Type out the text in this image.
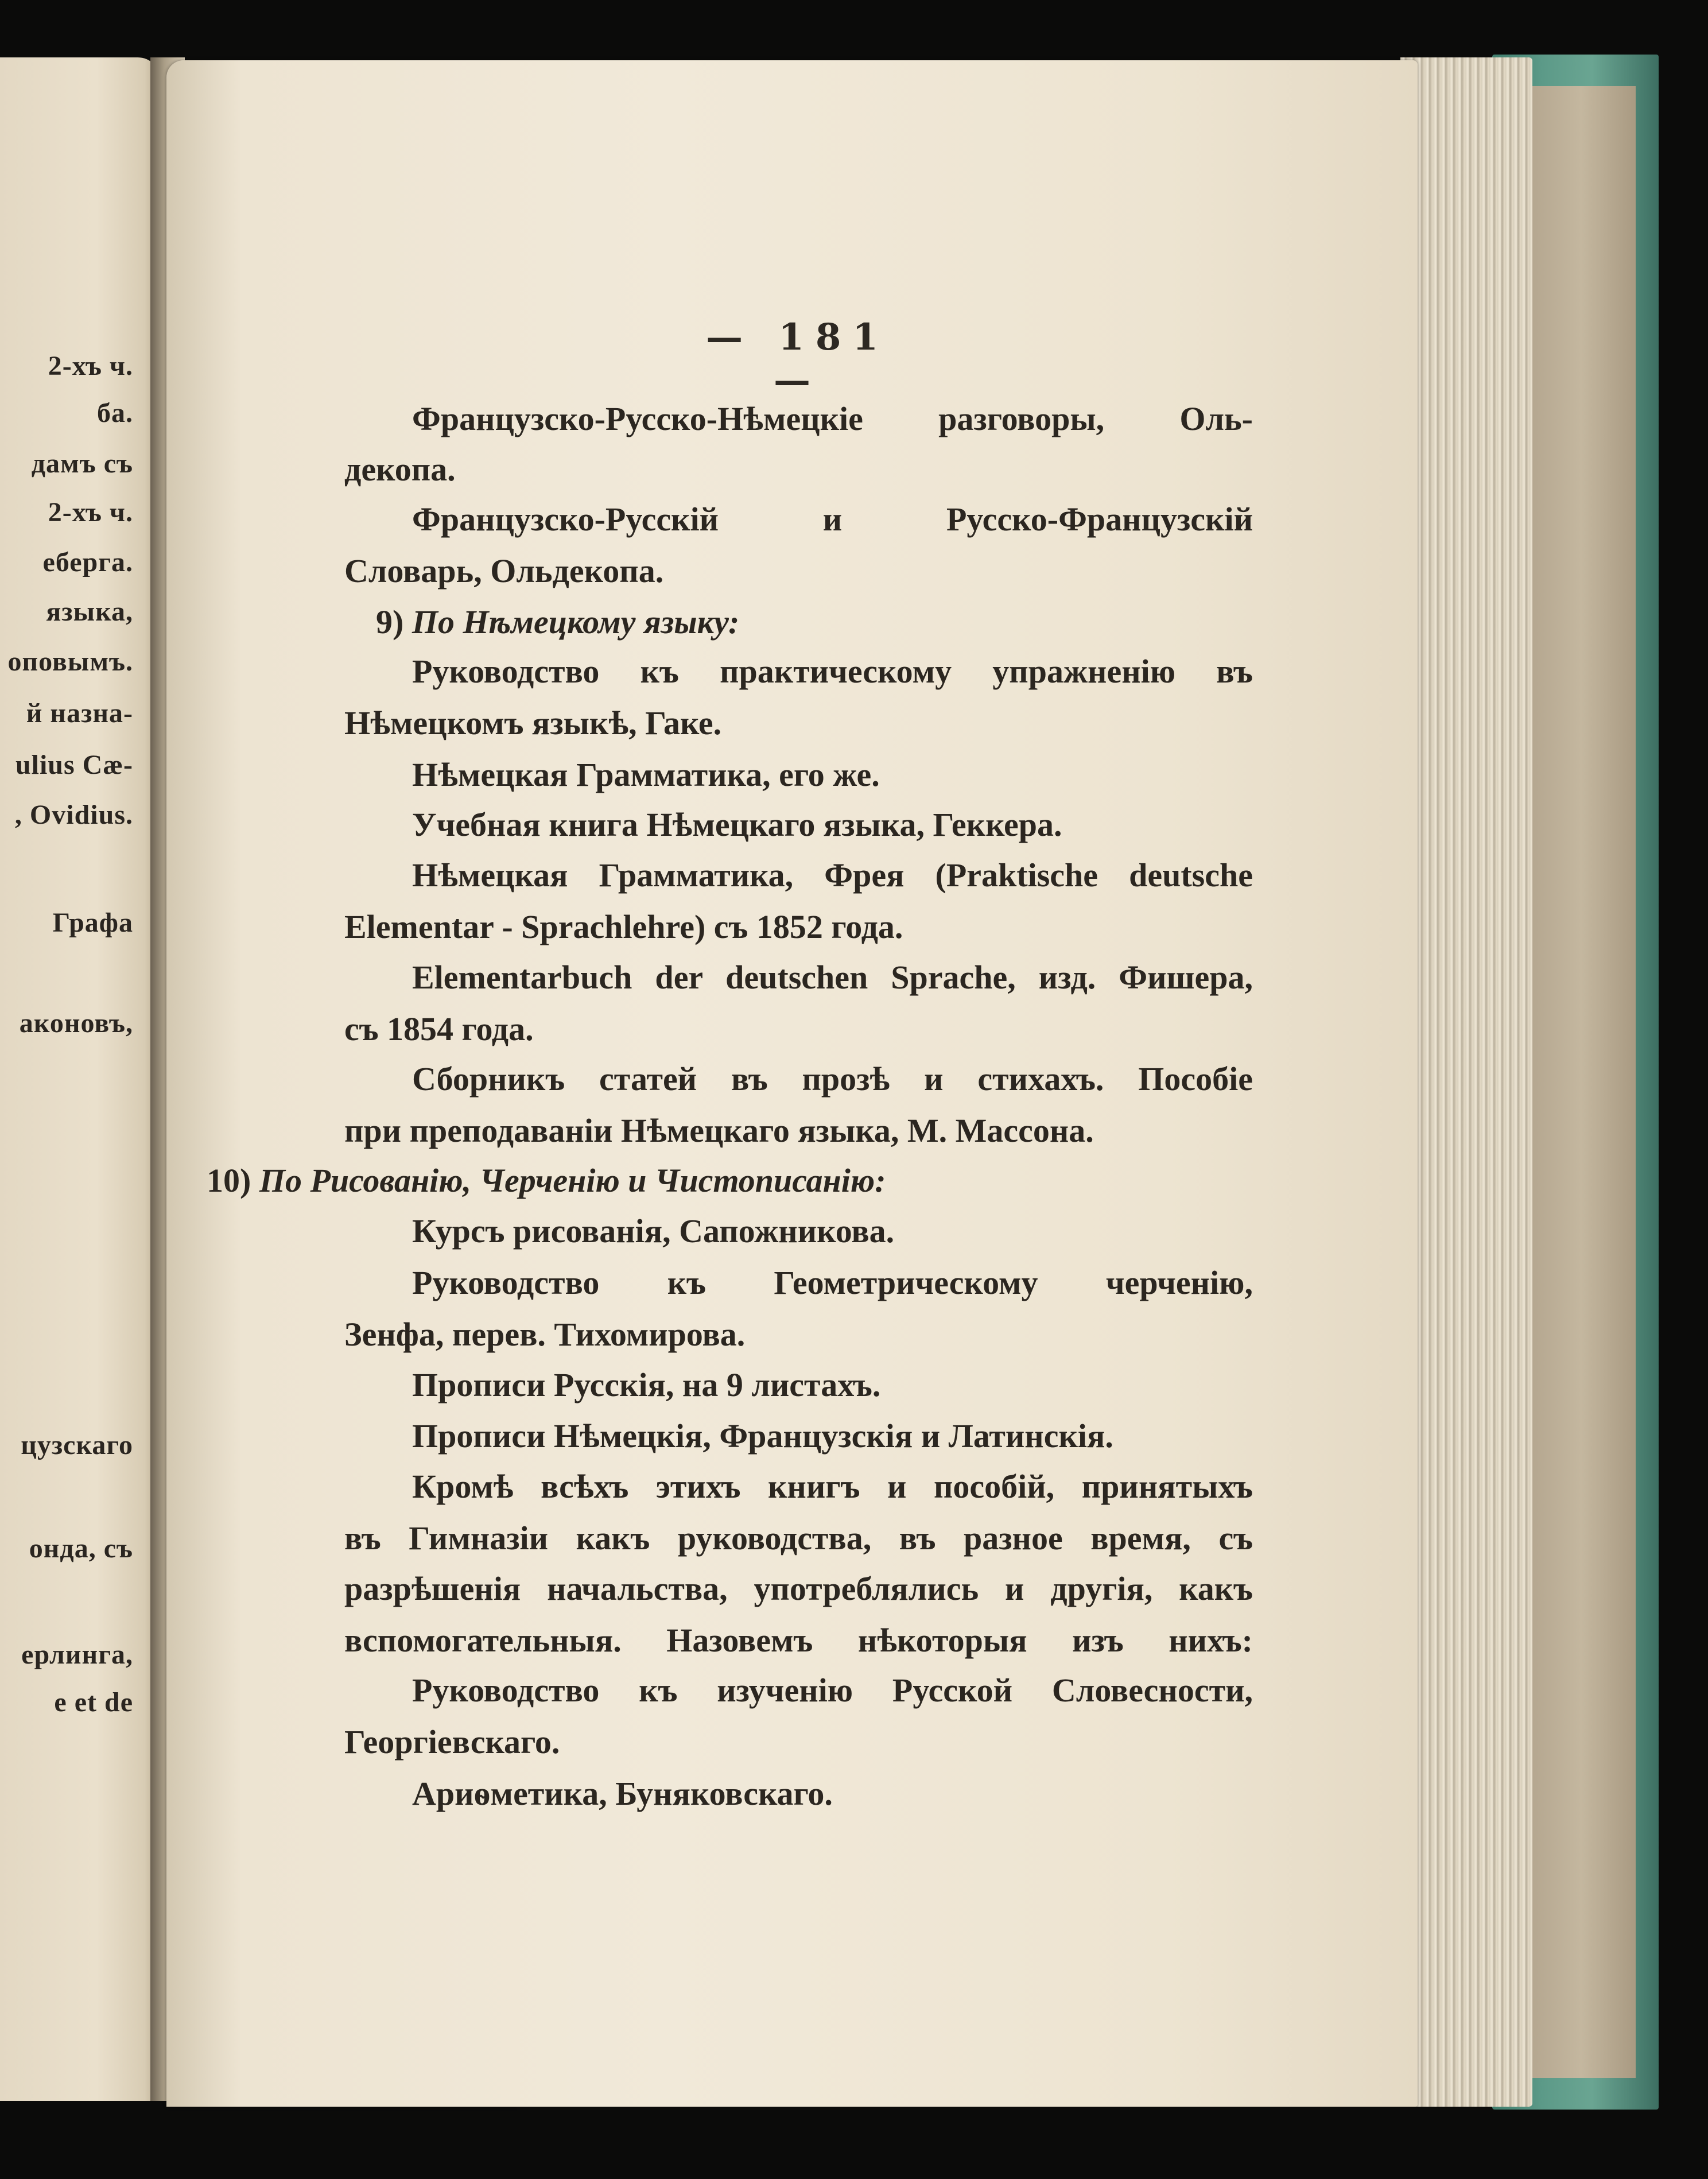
2-хъ ч.
ба.
дамъ съ
2-хъ ч.
еберга.
языка,
оповымъ.
й назна-
ulius Cæ-
, Ovidius.
Графа
аконовъ,
цузскаго
онда, съ
ерлинга,
e et de
— 181 —
Французско-Русско-Нѣмецкіе разговоры, Оль-
декопа.
Французско-Русскій и Русско-Французскій
Словарь, Ольдекопа.
9) По Нѣмецкому языку:
Руководство къ практическому упражненію въ
Нѣмецкомъ языкѣ, Гаке.
Нѣмецкая Грамматика, его же.
Учебная книга Нѣмецкаго языка, Геккера.
Нѣмецкая Грамматика, Фрея (Praktische deutsche
Elementar - Sprachlehre) съ 1852 года.
Elementarbuch der deutschen Sprache, изд. Фишера,
съ 1854 года.
Сборникъ статей въ прозѣ и стихахъ. Пособіе
при преподаваніи Нѣмецкаго языка, М. Массона.
10) По Рисованію, Черченію и Чистописанію:
Курсъ рисованія, Сапожникова.
Руководство къ Геометрическому черченію,
Зенфа, перев. Тихомирова.
Прописи Русскія, на 9 листахъ.
Прописи Нѣмецкія, Французскія и Латинскія.
Кромѣ всѣхъ этихъ книгъ и пособій, принятыхъ
въ Гимназіи какъ руководства, въ разное время, съ
разрѣшенія начальства, употреблялись и другія, какъ
вспомогательныя. Назовемъ нѣкоторыя изъ нихъ:
Руководство къ изученію Русской Словесности,
Георгіевскаго.
Ариѳметика, Буняковскаго.
